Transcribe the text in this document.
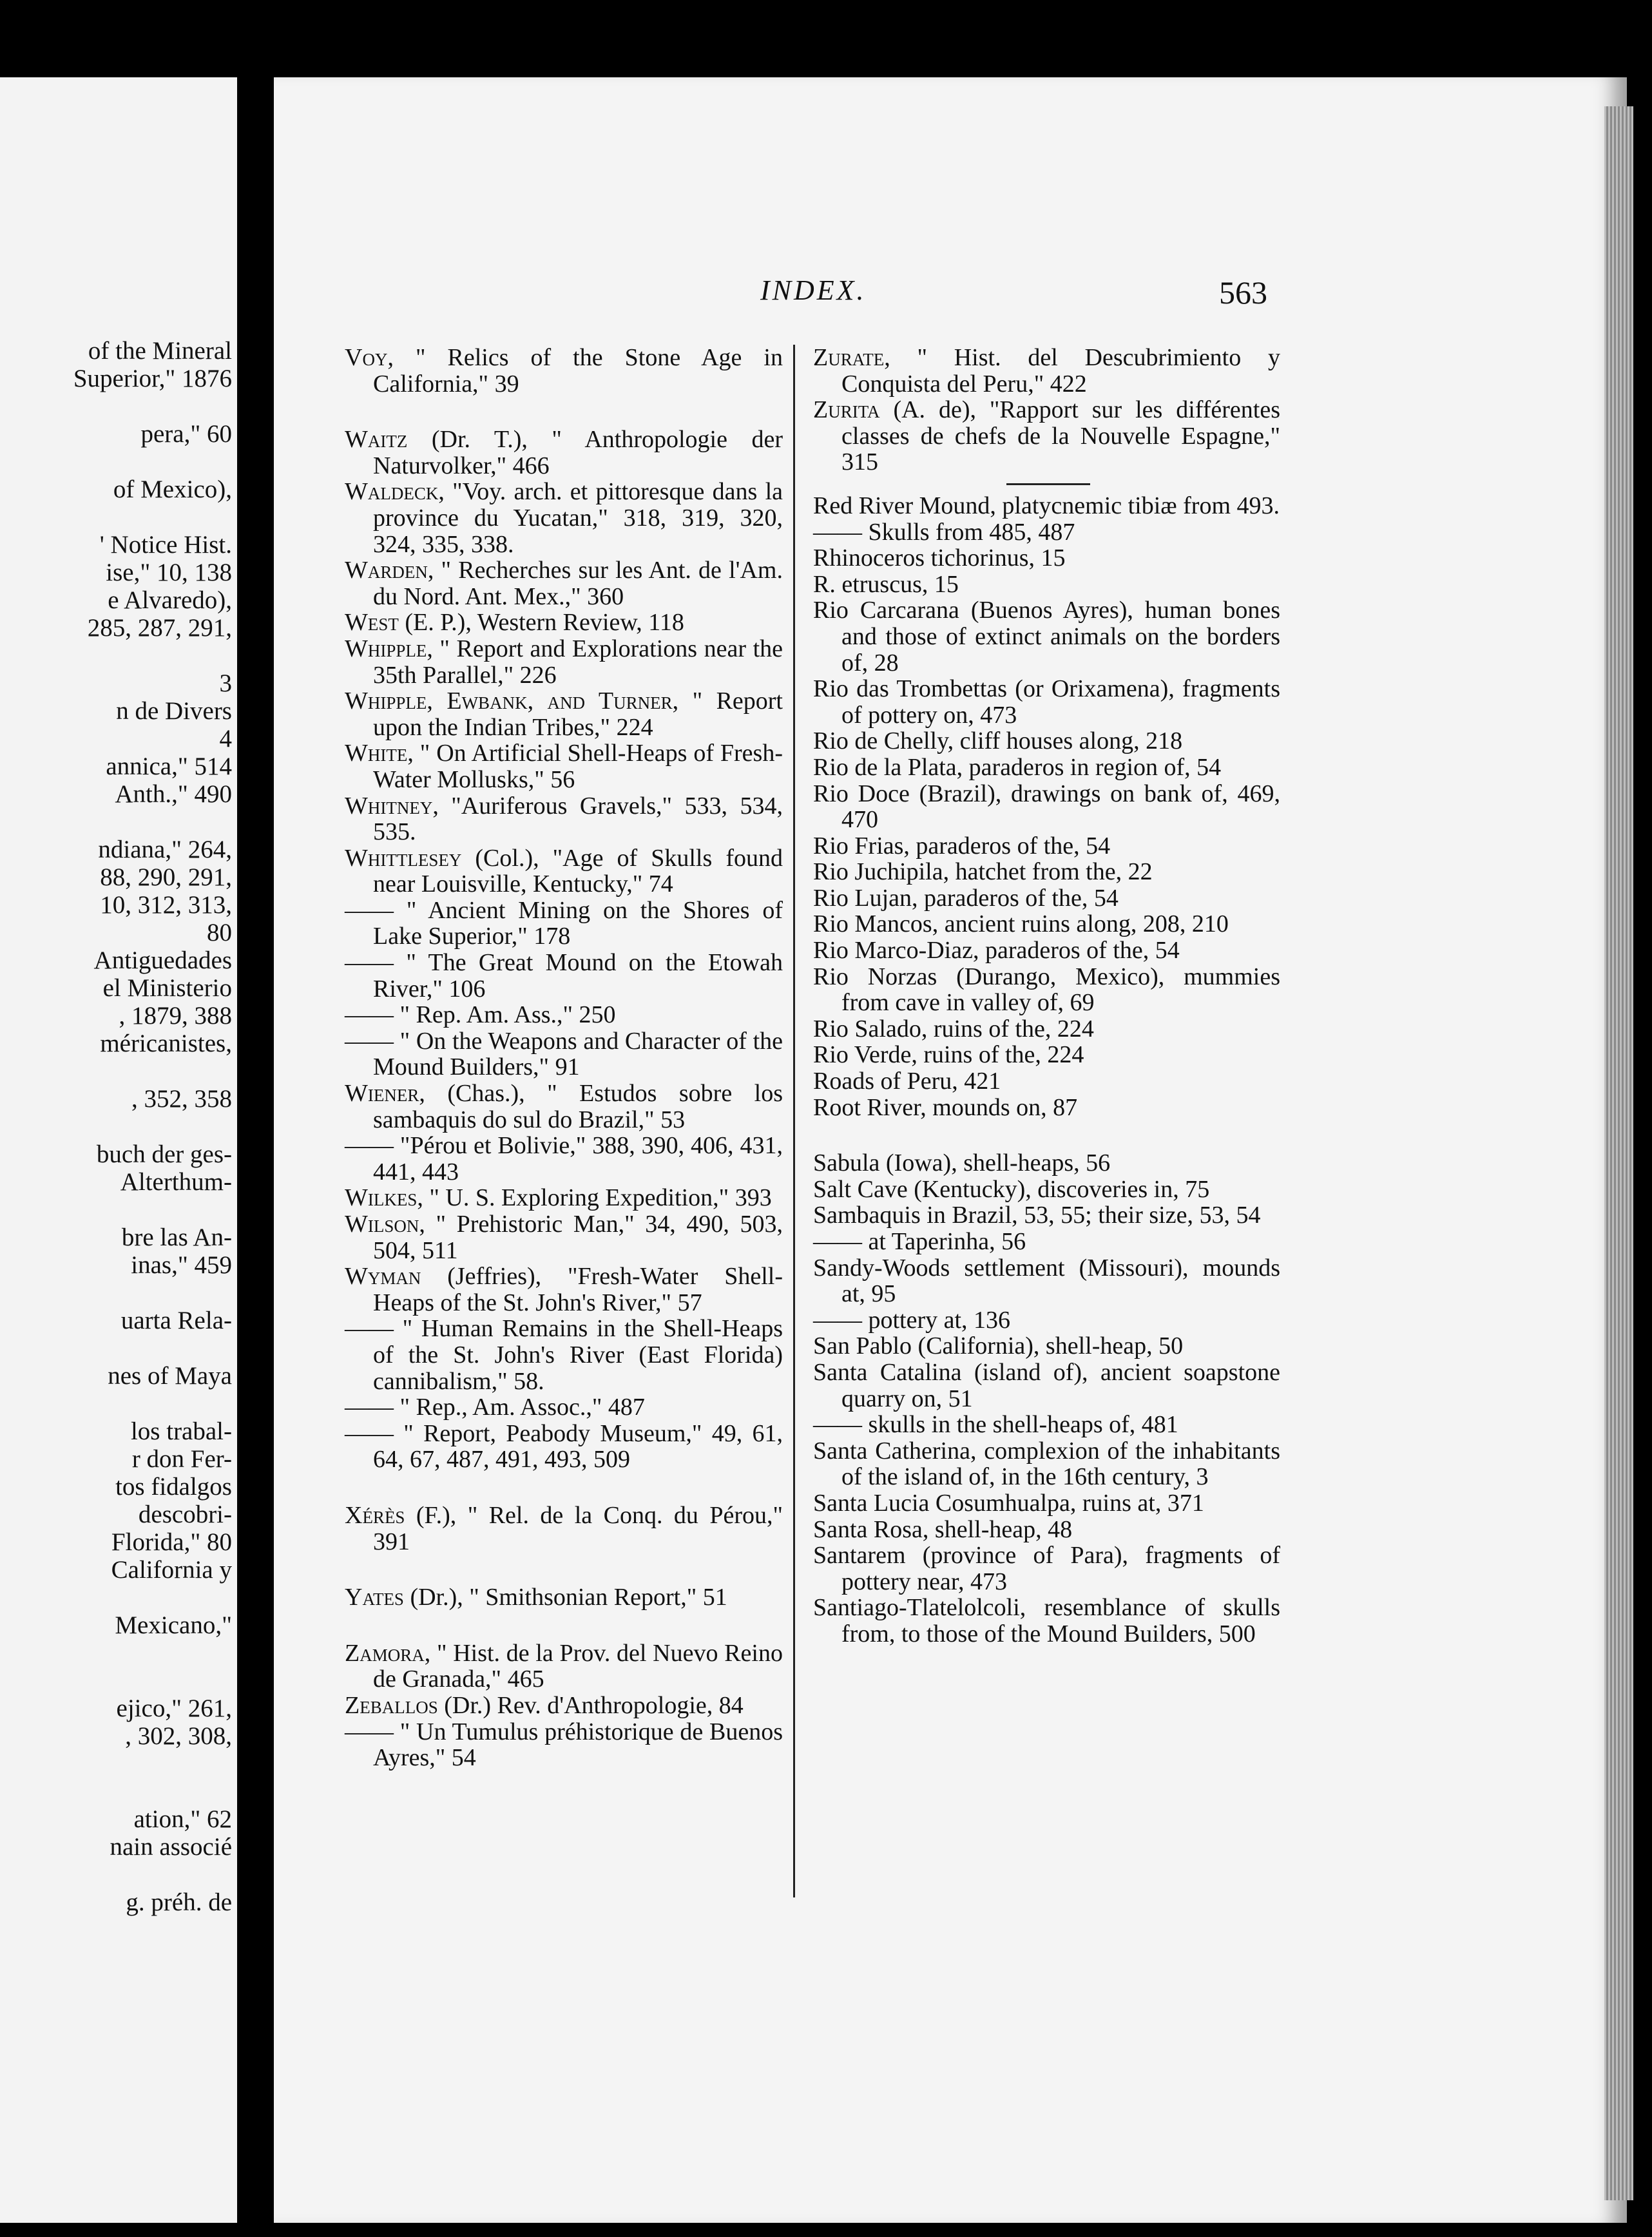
of the Mineral
Superior," 1876
pera," 60
of Mexico),
' Notice Hist.
ise," 10, 138
e Alvaredo),
285, 287, 291,
3
n de Divers
4
annica," 514
Anth.," 490
ndiana," 264,
88, 290, 291,
10, 312, 313,
80
Antiguedades
el Ministerio
, 1879, 388
méricanistes,
, 352, 358
buch der ges-
Alterthum-
bre las An-
inas," 459
uarta Rela-
nes of Maya
los trabal-
r don Fer-
tos fidalgos
descobri-
Florida," 80
California y
Mexicano,"
ejico," 261,
, 302, 308,
ation," 62
nain associé
g. préh. de
INDEX.	563
Voy, " Relics of the Stone Age in California," 39
Waitz (Dr. T.), " Anthropologie der Naturvolker," 466
Waldeck, "Voy. arch. et pittoresque dans la province du Yucatan," 318, 319, 320, 324, 335, 338.
Warden, " Recherches sur les Ant. de l'Am. du Nord. Ant. Mex.," 360
West (E. P.), Western Review, 118
Whipple, " Report and Explorations near the 35th Parallel," 226
Whipple, Ewbank, and Turner, " Report upon the Indian Tribes," 224
White, " On Artificial Shell-Heaps of Fresh-Water Mollusks," 56
Whitney, "Auriferous Gravels," 533, 534, 535.
Whittlesey (Col.), "Age of Skulls found near Louisville, Kentucky," 74
—— " Ancient Mining on the Shores of Lake Superior," 178
—— " The Great Mound on the Etowah River," 106
—— " Rep. Am. Ass.," 250
—— " On the Weapons and Character of the Mound Builders," 91
Wiener, (Chas.), " Estudos sobre los sambaquis do sul do Brazil," 53
—— "Pérou et Bolivie," 388, 390, 406, 431, 441, 443
Wilkes, " U. S. Exploring Expedition," 393
Wilson, " Prehistoric Man," 34, 490, 503, 504, 511
Wyman (Jeffries), "Fresh-Water Shell-Heaps of the St. John's River," 57
—— " Human Remains in the Shell-Heaps of the St. John's River (East Florida) cannibalism," 58.
—— " Rep., Am. Assoc.," 487
—— " Report, Peabody Museum," 49, 61, 64, 67, 487, 491, 493, 509
Xérès (F.), " Rel. de la Conq. du Pérou," 391
Yates (Dr.), " Smithsonian Report," 51
Zamora, " Hist. de la Prov. del Nuevo Reino de Granada," 465
Zeballos (Dr.) Rev. d'Anthropologie, 84
—— " Un Tumulus préhistorique de Buenos Ayres," 54
Zurate, " Hist. del Descubrimiento y Conquista del Peru," 422
Zurita (A. de), "Rapport sur les différentes classes de chefs de la Nouvelle Espagne," 315
Red River Mound, platycnemic tibiæ from 493.
—— Skulls from 485, 487
Rhinoceros tichorinus, 15
R. etruscus, 15
Rio Carcarana (Buenos Ayres), human bones and those of extinct animals on the borders of, 28
Rio das Trombettas (or Orixamena), fragments of pottery on, 473
Rio de Chelly, cliff houses along, 218
Rio de la Plata, paraderos in region of, 54
Rio Doce (Brazil), drawings on bank of, 469, 470
Rio Frias, paraderos of the, 54
Rio Juchipila, hatchet from the, 22
Rio Lujan, paraderos of the, 54
Rio Mancos, ancient ruins along, 208, 210
Rio Marco-Diaz, paraderos of the, 54
Rio Norzas (Durango, Mexico), mummies from cave in valley of, 69
Rio Salado, ruins of the, 224
Rio Verde, ruins of the, 224
Roads of Peru, 421
Root River, mounds on, 87
Sabula (Iowa), shell-heaps, 56
Salt Cave (Kentucky), discoveries in, 75
Sambaquis in Brazil, 53, 55; their size, 53, 54
—— at Taperinha, 56
Sandy-Woods settlement (Missouri), mounds at, 95
—— pottery at, 136
San Pablo (California), shell-heap, 50
Santa Catalina (island of), ancient soapstone quarry on, 51
—— skulls in the shell-heaps of, 481
Santa Catherina, complexion of the inhabitants of the island of, in the 16th century, 3
Santa Lucia Cosumhualpa, ruins at, 371
Santa Rosa, shell-heap, 48
Santarem (province of Para), fragments of pottery near, 473
Santiago-Tlatelolcoli, resemblance of skulls from, to those of the Mound Builders, 500
